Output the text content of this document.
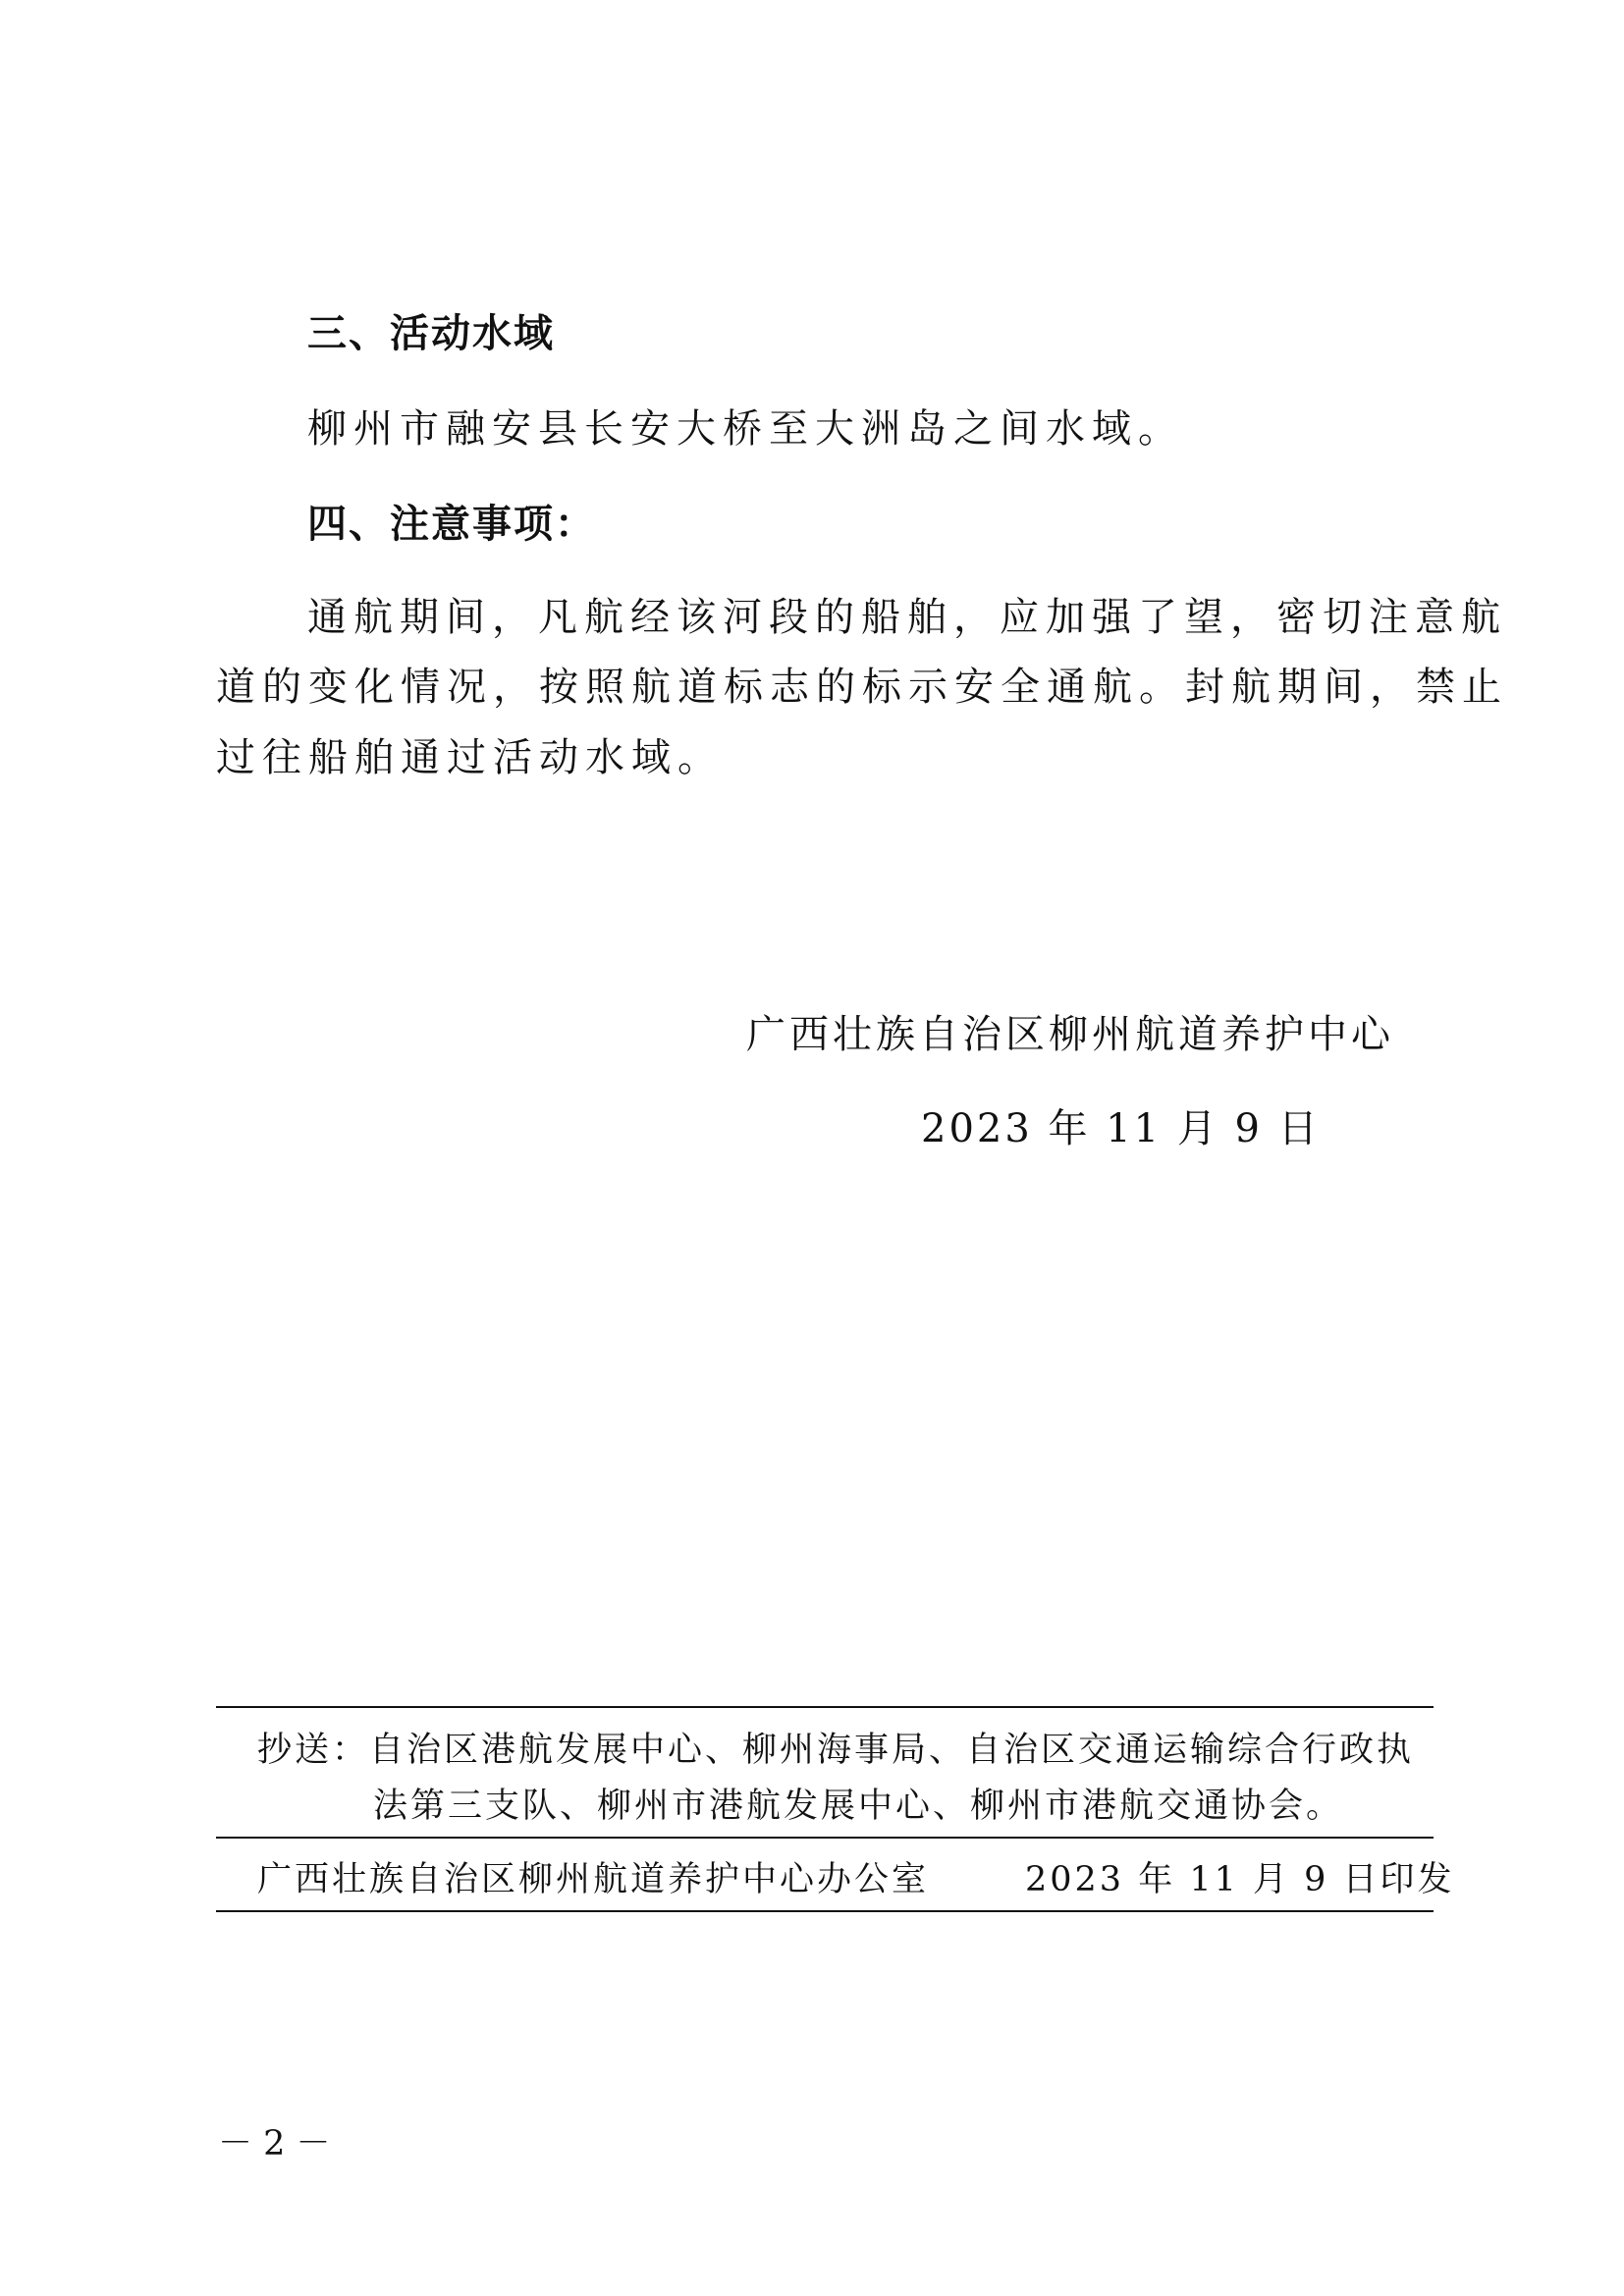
三、活动水域
柳州市融安县长安大桥至大洲岛之间水域。
四、注意事项：
通航期间，凡航经该河段的船舶，应加强了望，密切注意航
道的变化情况，按照航道标志的标示安全通航。封航期间，禁止
过往船舶通过活动水域。
广西壮族自治区柳州航道养护中心
2023 年 11 月 9 日
抄送：自治区港航发展中心、柳州海事局、自治区交通运输综合行政执
法第三支队、柳州市港航发展中心、柳州市港航交通协会。
广西壮族自治区柳州航道养护中心办公室	2023 年 11 月 9 日印发
－ 2 －
